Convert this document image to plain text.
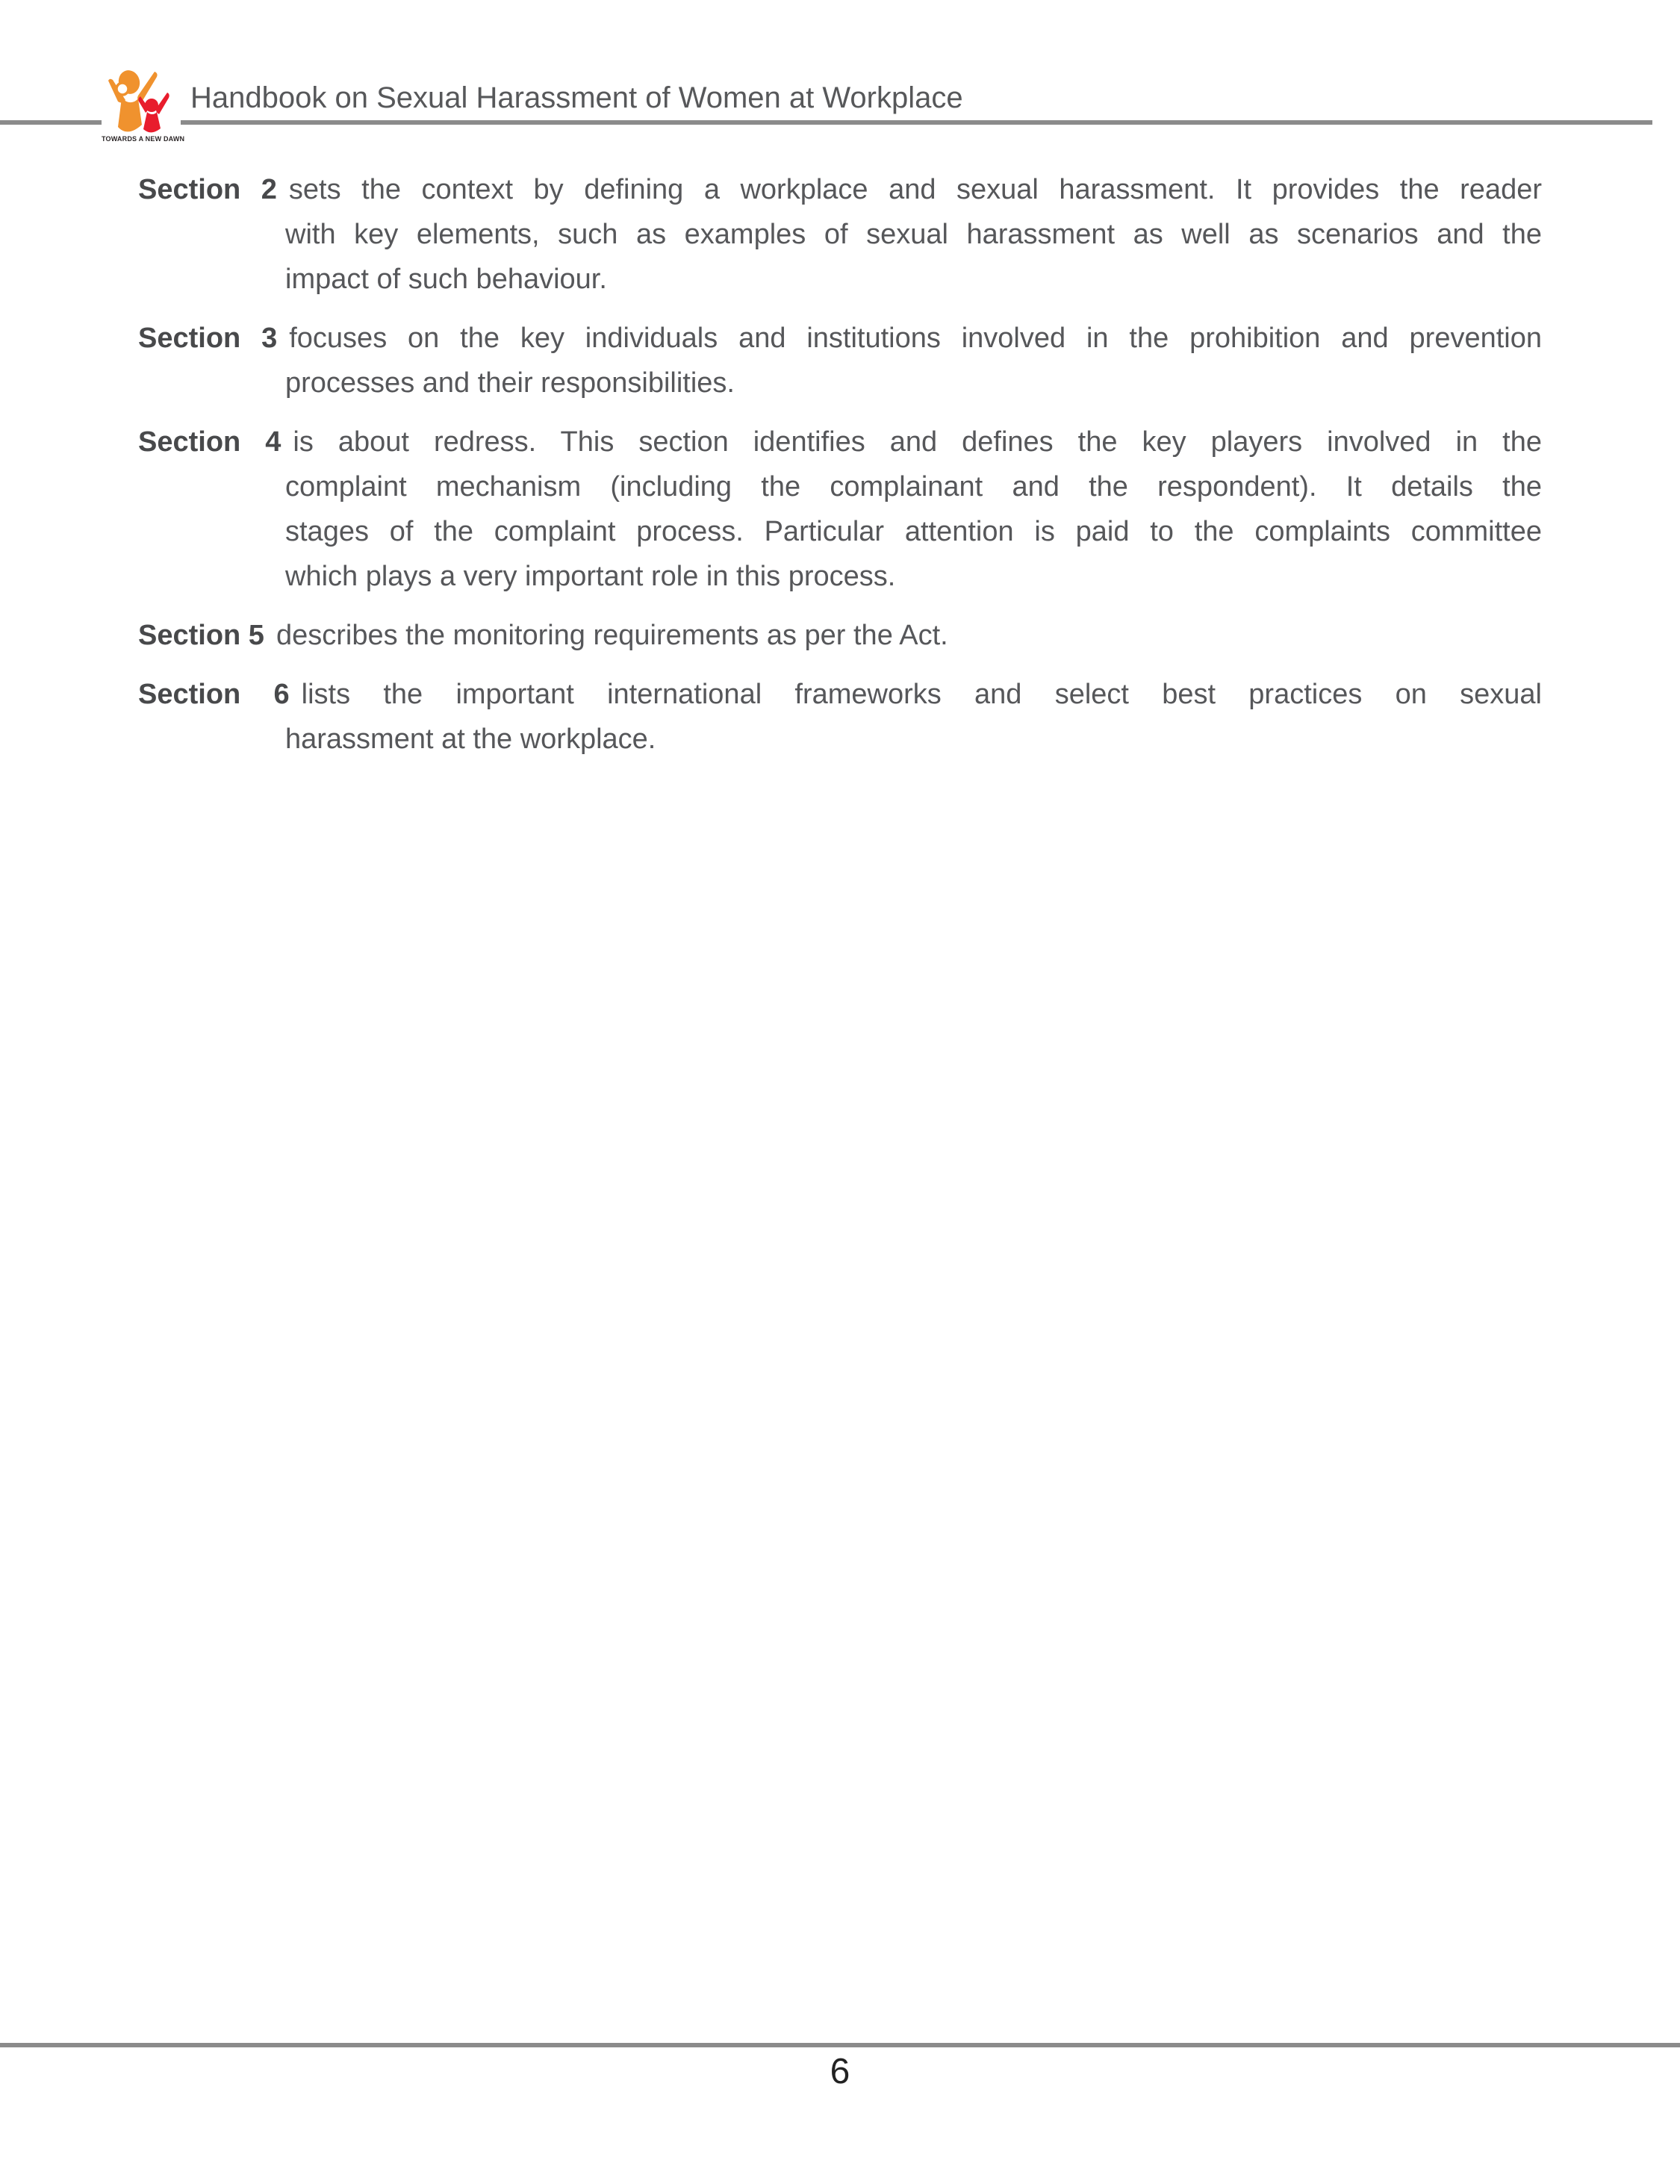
TOWARDS A NEW DAWN
Handbook on Sexual Harassment of Women at Workplace
Section 2 sets the context by defining a workplace and sexual harassment. It provides the reader
with key elements, such as examples of sexual harassment as well as scenarios and the
impact of such behaviour.
Section 3 focuses on the key individuals and institutions involved in the prohibition and prevention
processes and their responsibilities.
Section 4 is about redress. This section identifies and defines the key players involved in the
complaint mechanism (including the complainant and the respondent). It details the
stages of the complaint process. Particular attention is paid to the complaints committee
which plays a very important role in this process.
Section 5 describes the monitoring requirements as per the Act.
Section 6 lists the important international frameworks and select best practices on sexual
harassment at the workplace.
6
